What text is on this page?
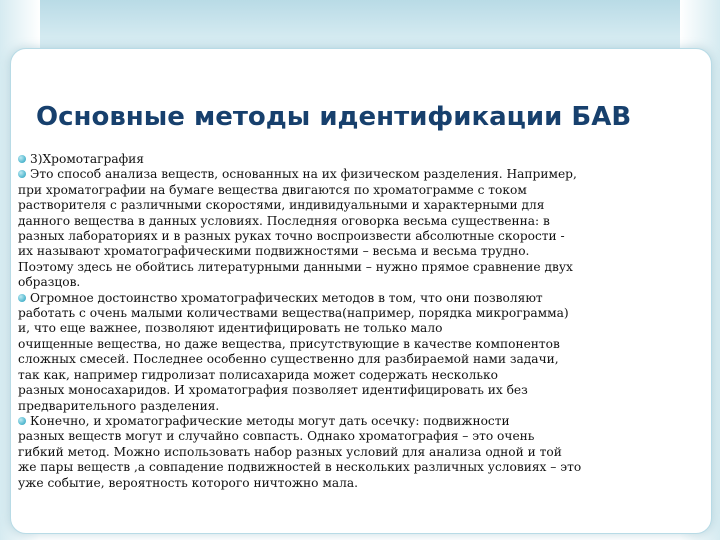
Основные методы идентификации БАВ
3)Хромотаграфия
Это способ анализа веществ, основанных на их физическом разделения. Например,
при хроматографии на бумаге вещества двигаются по хроматограмме с током
растворителя с различными скоростями, индивидуальными и характерными для
данного вещества в данных условиях. Последняя оговорка весьма существенна: в
разных лабораториях и в разных руках точно воспроизвести абсолютные скорости -
их называют хроматографическими подвижностями – весьма и весьма трудно.
Поэтому здесь не обойтись литературными данными – нужно прямое сравнение двух
образцов.
Огромное достоинство хроматографических методов в том, что они позволяют
работать с очень малыми количествами вещества(например, порядка микрограмма)
и, что еще важнее, позволяют идентифицировать не только мало
очищенные вещества, но даже вещества, присутствующие в качестве компонентов
сложных смесей. Последнее особенно существенно для разбираемой нами задачи,
так как, например гидролизат полисахарида может содержать несколько
разных моносахаридов. И хроматография позволяет идентифицировать их без
предварительного разделения.
Конечно, и хроматографические методы могут дать осечку: подвижности
разных веществ могут и случайно совпасть. Однако хроматография – это очень
гибкий метод. Можно использовать набор разных условий для анализа одной и той
же пары веществ ,а совпадение подвижностей в нескольких различных условиях – это
уже событие, вероятность которого ничтожно мала.
